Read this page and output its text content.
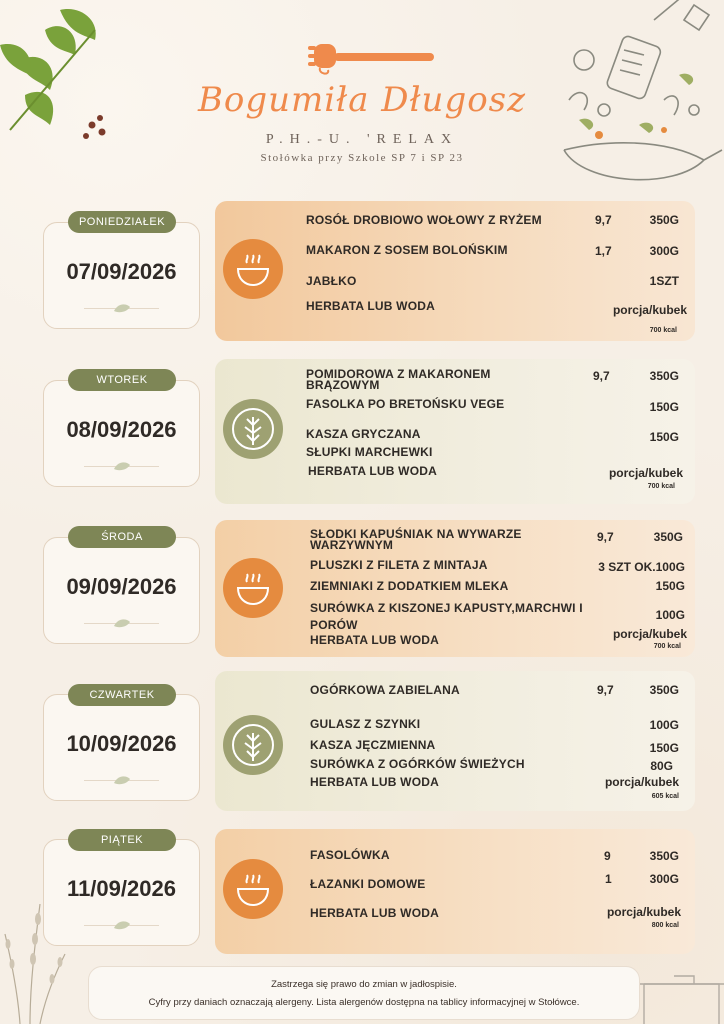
Bogumiła Długosz
P.H.-U. 'RELAX
Stołówka przy Szkole SP 7 i SP 23
PONIEDZIAŁEK
07/09/2026
ROSÓŁ DROBIOWO WOŁOWY Z RYŻEM	9,7	350G
MAKARON Z SOSEM BOLOŃSKIM	1,7	300G
JABŁKO	1SZT
HERBATA LUB WODA	porcja/kubek
700 kcal
WTOREK
08/09/2026
POMIDOROWA Z MAKARONEM BRĄZOWYM
9,7	350G
FASOLKA PO BRETOŃSKU VEGE	150G
KASZA GRYCZANA	150G
SŁUPKI MARCHEWKI
HERBATA LUB WODA	porcja/kubek
700 kcal
ŚRODA
09/09/2026
SŁODKI KAPUŚNIAK NA WYWARZE WARZYWNYM
9,7	350G
PLUSZKI Z FILETA Z MINTAJA	3 SZT OK.100G
ZIEMNIAKI Z DODATKIEM MLEKA	150G
SURÓWKA Z KISZONEJ KAPUSTY,MARCHWI I PORÓW
100G
HERBATA LUB WODA	porcja/kubek
700 kcal
CZWARTEK
10/09/2026
OGÓRKOWA ZABIELANA	9,7	350G
GULASZ Z SZYNKI	100G
KASZA JĘCZMIENNA	150G
SURÓWKA Z OGÓRKÓW ŚWIEŻYCH	80G
HERBATA LUB WODA	porcja/kubek
605 kcal
PIĄTEK
11/09/2026
FASOLÓWKA	9	350G
ŁAZANKI DOMOWE	1	300G
HERBATA LUB WODA	porcja/kubek
800 kcal
Zastrzega się prawo do zmian w jadłospisie.
Cyfry przy daniach oznaczają alergeny. Lista alergenów dostępna na tablicy informacyjnej w Stołówce.
